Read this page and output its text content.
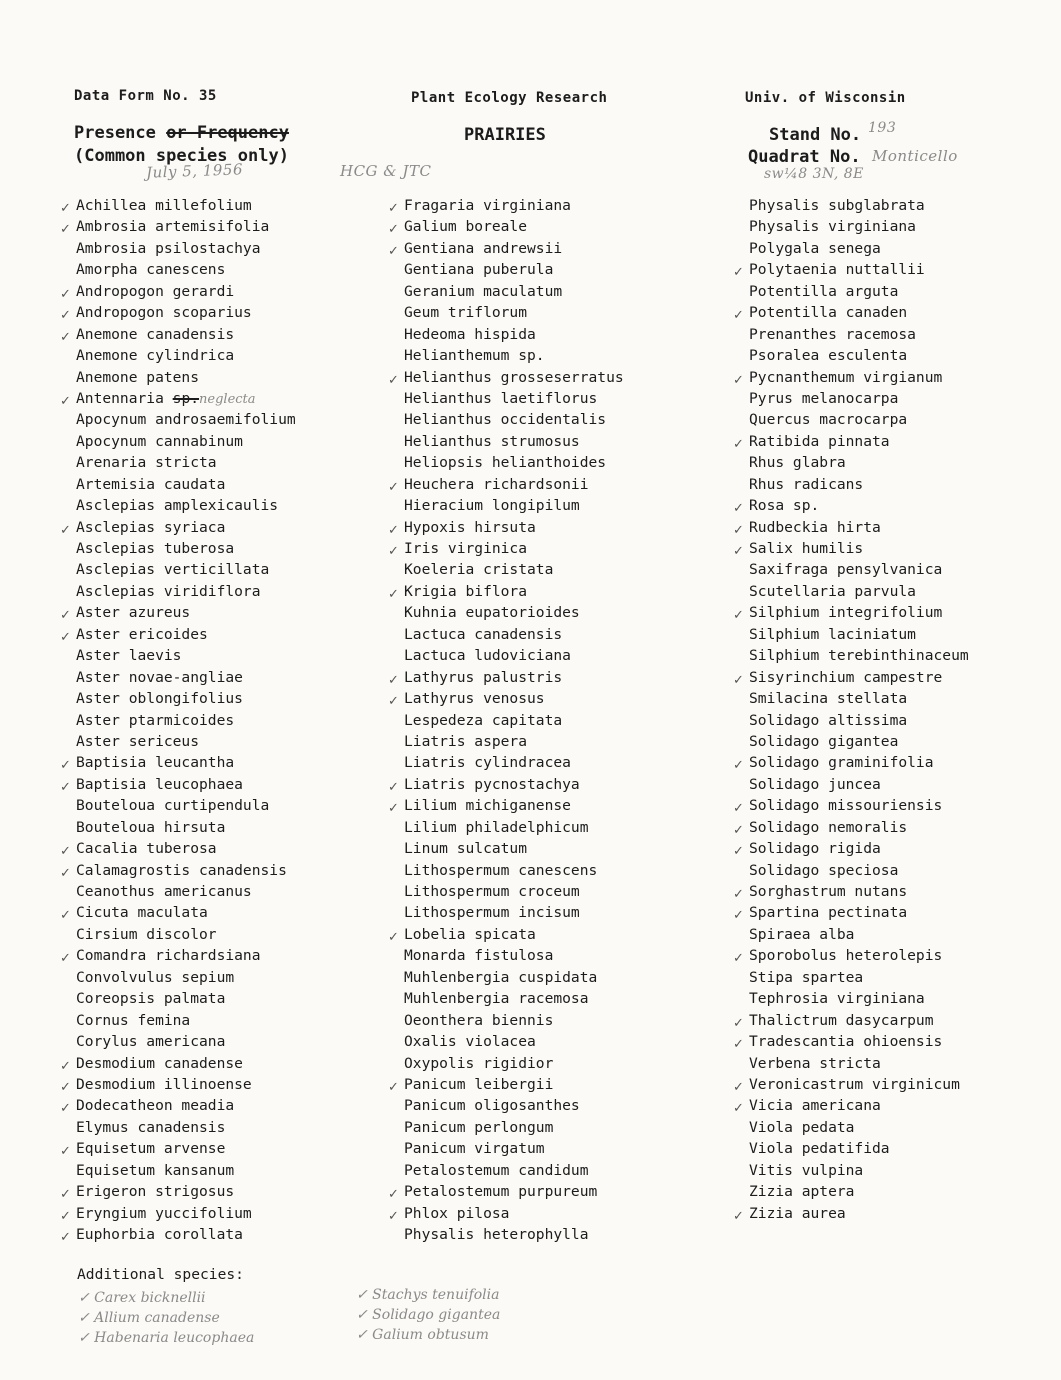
Data Form No. 35	Plant Ecology Research	Univ. of Wisconsin
Presence or Frequency
(Common species only)
PRAIRIES	Stand No.
Quadrat No.
July 5, 1956	HCG & JTC
193
Monticello
sw¼8 3N, 8E
✓ Achillea millefolium
✓ Ambrosia artemisifolia
Ambrosia psilostachya
Amorpha canescens
✓ Andropogon gerardi
✓ Andropogon scoparius
✓ Anemone canadensis
Anemone cylindrica
Anemone patens
✓ Antennaria sp.neglecta
Apocynum androsaemifolium
Apocynum cannabinum
Arenaria stricta
Artemisia caudata
Asclepias amplexicaulis
✓ Asclepias syriaca
Asclepias tuberosa
Asclepias verticillata
Asclepias viridiflora
✓ Aster azureus
✓ Aster ericoides
Aster laevis
Aster novae-angliae
Aster oblongifolius
Aster ptarmicoides
Aster sericeus
✓ Baptisia leucantha
✓ Baptisia leucophaea
Bouteloua curtipendula
Bouteloua hirsuta
✓ Cacalia tuberosa
✓ Calamagrostis canadensis
Ceanothus americanus
✓ Cicuta maculata
Cirsium discolor
✓ Comandra richardsiana
Convolvulus sepium
Coreopsis palmata
Cornus femina
Corylus americana
✓ Desmodium canadense
✓ Desmodium illinoense
✓ Dodecatheon meadia
Elymus canadensis
✓ Equisetum arvense
Equisetum kansanum
✓ Erigeron strigosus
✓ Eryngium yuccifolium
✓ Euphorbia corollata
✓ Fragaria virginiana
✓ Galium boreale
✓ Gentiana andrewsii
Gentiana puberula
Geranium maculatum
Geum triflorum
Hedeoma hispida
Helianthemum sp.
✓ Helianthus grosseserratus
Helianthus laetiflorus
Helianthus occidentalis
Helianthus strumosus
Heliopsis helianthoides
✓ Heuchera richardsonii
Hieracium longipilum
✓ Hypoxis hirsuta
✓ Iris virginica
Koeleria cristata
✓ Krigia biflora
Kuhnia eupatorioides
Lactuca canadensis
Lactuca ludoviciana
✓ Lathyrus palustris
✓ Lathyrus venosus
Lespedeza capitata
Liatris aspera
Liatris cylindracea
✓ Liatris pycnostachya
✓ Lilium michiganense
Lilium philadelphicum
Linum sulcatum
Lithospermum canescens
Lithospermum croceum
Lithospermum incisum
✓ Lobelia spicata
Monarda fistulosa
Muhlenbergia cuspidata
Muhlenbergia racemosa
Oeonthera biennis
Oxalis violacea
Oxypolis rigidior
✓ Panicum leibergii
Panicum oligosanthes
Panicum perlongum
Panicum virgatum
Petalostemum candidum
✓ Petalostemum purpureum
✓ Phlox pilosa
Physalis heterophylla
Physalis subglabrata
Physalis virginiana
Polygala senega
✓ Polytaenia nuttallii
Potentilla arguta
✓ Potentilla canaden
Prenanthes racemosa
Psoralea esculenta
✓ Pycnanthemum virgianum
Pyrus melanocarpa
Quercus macrocarpa
✓ Ratibida pinnata
Rhus glabra
Rhus radicans
✓ Rosa sp.
✓ Rudbeckia hirta
✓ Salix humilis
Saxifraga pensylvanica
Scutellaria parvula
✓ Silphium integrifolium
Silphium laciniatum
Silphium terebinthinaceum
✓ Sisyrinchium campestre
Smilacina stellata
Solidago altissima
Solidago gigantea
✓ Solidago graminifolia
Solidago juncea
✓ Solidago missouriensis
✓ Solidago nemoralis
✓ Solidago rigida
Solidago speciosa
✓ Sorghastrum nutans
✓ Spartina pectinata
Spiraea alba
✓ Sporobolus heterolepis
Stipa spartea
Tephrosia virginiana
✓ Thalictrum dasycarpum
✓ Tradescantia ohioensis
Verbena stricta
✓ Veronicastrum virginicum
✓ Vicia americana
Viola pedata
Viola pedatifida
Vitis vulpina
Zizia aptera
✓ Zizia aurea
Additional species:
✓ Carex bicknellii
✓ Allium canadense
✓ Habenaria leucophaea
✓ Stachys tenuifolia
✓ Solidago gigantea
✓ Galium obtusum
